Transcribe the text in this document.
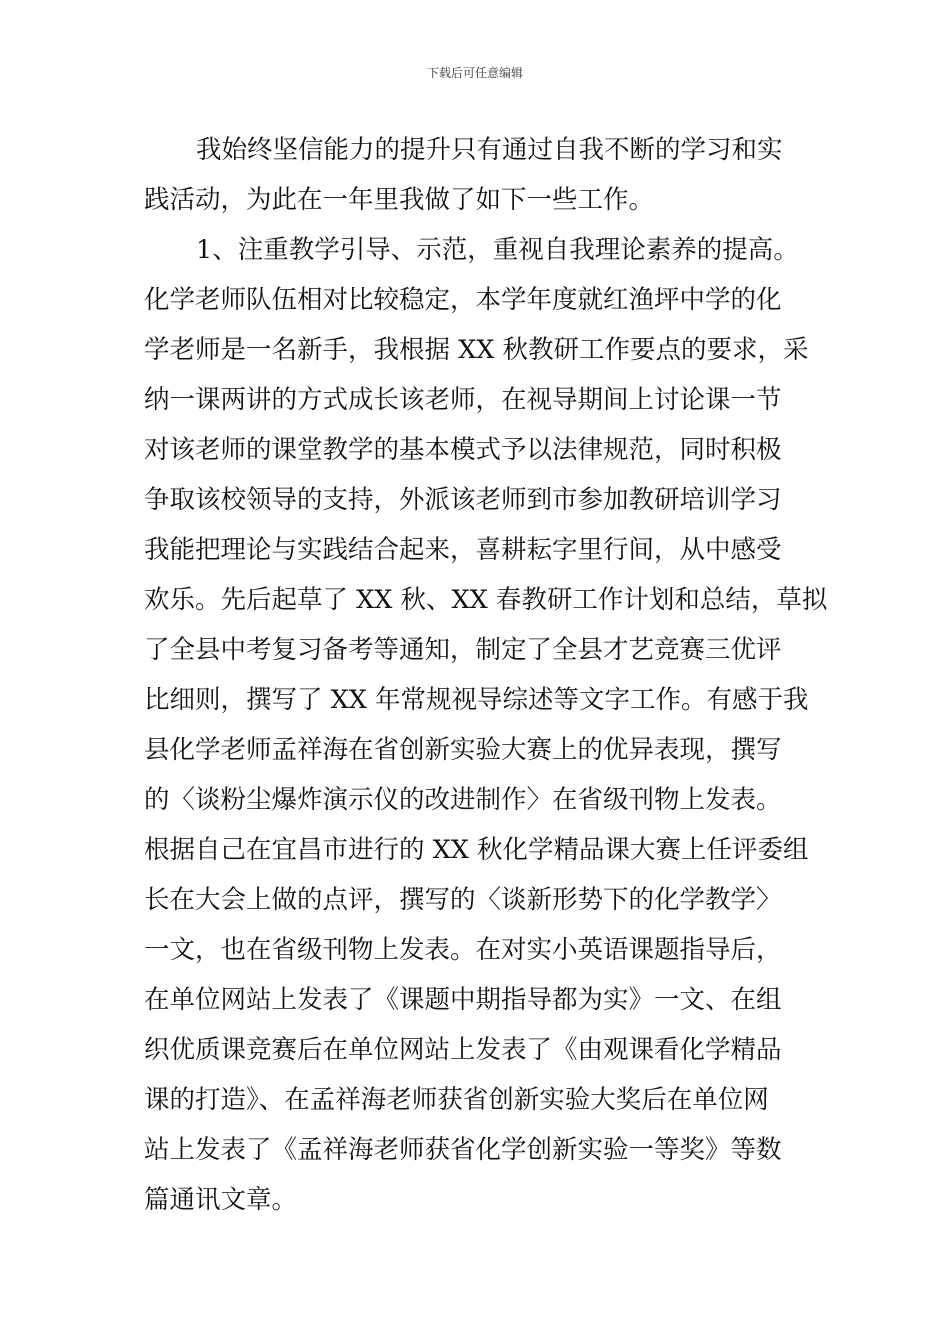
下载后可任意编辑
我始终坚信能力的提升只有通过自我不断的学习和实
践活动，为此在一年里我做了如下一些工作。
1、注重教学引导、示范，重视自我理论素养的提高。
化学老师队伍相对比较稳定，本学年度就红渔坪中学的化
学老师是一名新手，我根据 XX 秋教研工作要点的要求，采
纳一课两讲的方式成长该老师，在视导期间上讨论课一节
对该老师的课堂教学的基本模式予以法律规范，同时积极
争取该校领导的支持，外派该老师到市参加教研培训学习
我能把理论与实践结合起来，喜耕耘字里行间，从中感受
欢乐。先后起草了 XX 秋、XX 春教研工作计划和总结，草拟
了全县中考复习备考等通知，制定了全县才艺竞赛三优评
比细则，撰写了 XX 年常规视导综述等文字工作。有感于我
县化学老师孟祥海在省创新实验大赛上的优异表现，撰写
的〈谈粉尘爆炸演示仪的改进制作〉在省级刊物上发表。
根据自己在宜昌市进行的 XX 秋化学精品课大赛上任评委组
长在大会上做的点评，撰写的〈谈新形势下的化学教学〉
一文，也在省级刊物上发表。在对实小英语课题指导后，
在单位网站上发表了《课题中期指导都为实》一文、在组
织优质课竞赛后在单位网站上发表了《由观课看化学精品
课的打造》、在孟祥海老师获省创新实验大奖后在单位网
站上发表了《孟祥海老师获省化学创新实验一等奖》等数
篇通讯文章。
